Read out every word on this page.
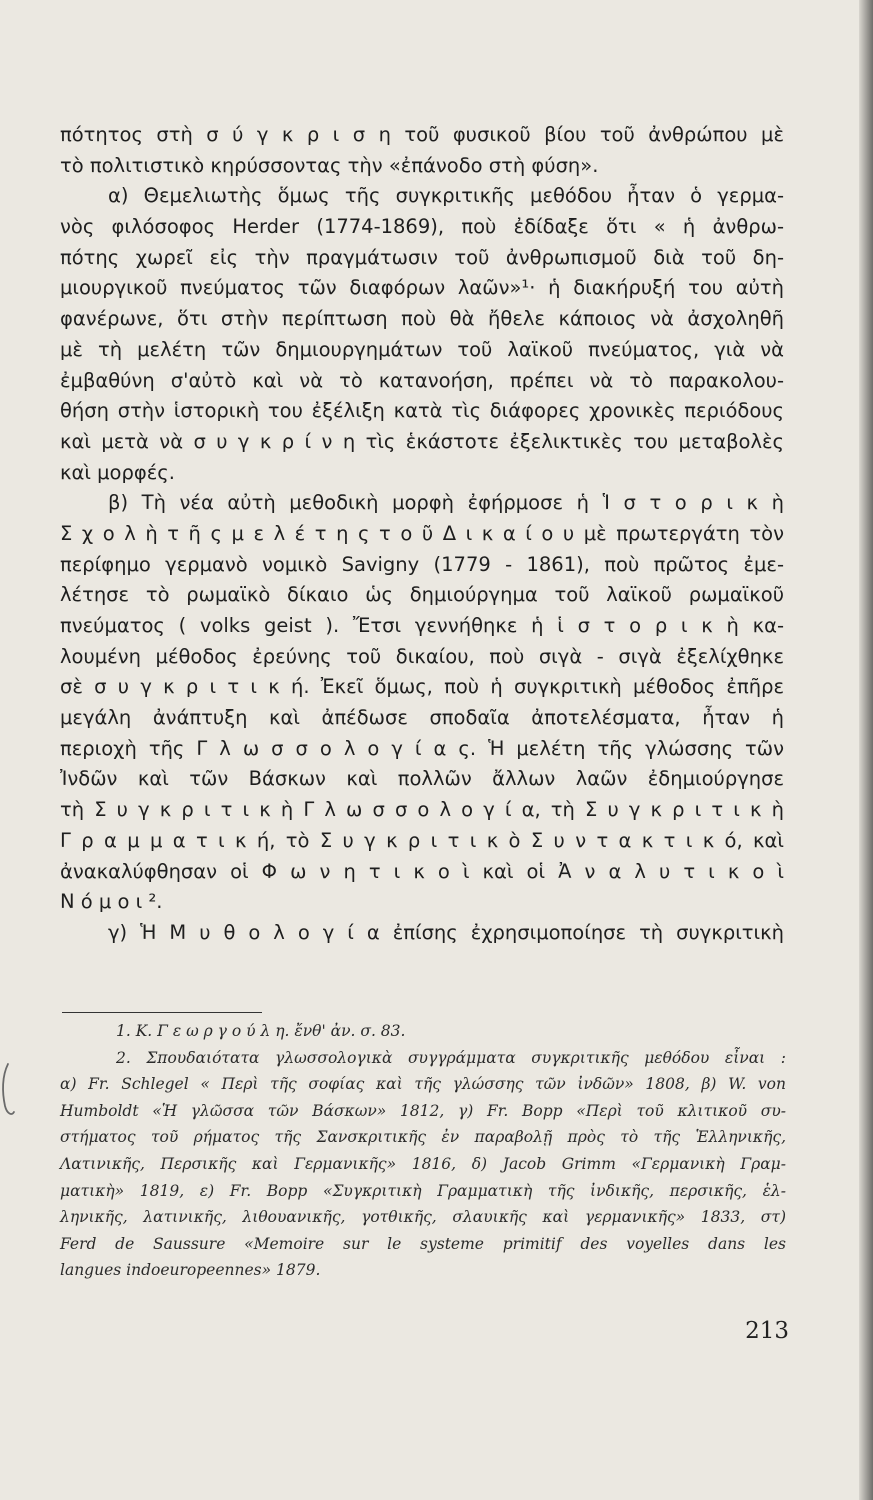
πότητος στὴ σ ύ γ κ ρ ι σ η τοῦ φυσικοῦ βίου τοῦ ἀνθρώπου μὲ
τὸ πολιτιστικὸ κηρύσσοντας τὴν «ἐπάνοδο στὴ φύση».
α) Θεμελιωτὴς ὅμως τῆς συγκριτικῆς μεθόδου ἦταν ὁ γερμα-
νὸς φιλόσοφος Herder (1774-1869), ποὺ ἐδίδαξε ὅτι « ἡ ἀνθρω-
πότης χωρεῖ εἰς τὴν πραγμάτωσιν τοῦ ἀνθρωπισμοῦ διὰ τοῦ δη-
μιουργικοῦ πνεύματος τῶν διαφόρων λαῶν»¹· ἡ διακήρυξή του αὐτὴ
φανέρωνε, ὅτι στὴν περίπτωση ποὺ θὰ ἤθελε κάποιος νὰ ἀσχοληθῆ
μὲ τὴ μελέτη τῶν δημιουργημάτων τοῦ λαϊκοῦ πνεύματος, γιὰ νὰ
ἐμβαθύνη σ'αὐτὸ καὶ νὰ τὸ κατανοήση, πρέπει νὰ τὸ παρακολου-
θήση στὴν ἱστορικὴ του ἐξέλιξη κατὰ τὶς διάφορες χρονικὲς περιόδους
καὶ μετὰ νὰ σ υ γ κ ρ ί ν η τὶς ἑκάστοτε ἐξελικτικὲς του μεταβολὲς
καὶ μορφές.
β) Τὴ νέα αὐτὴ μεθοδικὴ μορφὴ ἐφήρμοσε ἡ Ἱ σ τ ο ρ ι κ ὴ
Σ χ ο λ ὴ τ ῆ ς μ ε λ έ τ η ς τ ο ῦ Δ ι κ α ί ο υ μὲ πρωτεργάτη τὸν
περίφημο γερμανὸ νομικὸ Savigny (1779 - 1861), ποὺ πρῶτος ἐμε-
λέτησε τὸ ρωμαϊκὸ δίκαιο ὡς δημιούργημα τοῦ λαϊκοῦ ρωμαϊκοῦ
πνεύματος ( volks geist ). Ἔτσι γεννήθηκε ἡ ἱ σ τ ο ρ ι κ ὴ κα-
λουμένη μέθοδος ἐρεύνης τοῦ δικαίου, ποὺ σιγὰ - σιγὰ ἐξελίχθηκε
σὲ σ υ γ κ ρ ι τ ι κ ή. Ἐκεῖ ὅμως, ποὺ ἡ συγκριτικὴ μέθοδος ἐπῆρε
μεγάλη ἀνάπτυξη καὶ ἀπέδωσε σποδαῖα ἀποτελέσματα, ἦταν ἡ
περιοχὴ τῆς Γ λ ω σ σ ο λ ο γ ί α ς. Ἡ μελέτη τῆς γλώσσης τῶν
Ἰνδῶν καὶ τῶν Βάσκων καὶ πολλῶν ἄλλων λαῶν ἐδημιούργησε
τὴ Σ υ γ κ ρ ι τ ι κ ὴ Γ λ ω σ σ ο λ ο γ ί α, τὴ Σ υ γ κ ρ ι τ ι κ ὴ
Γ ρ α μ μ α τ ι κ ή, τὸ Σ υ γ κ ρ ι τ ι κ ὸ Σ υ ν τ α κ τ ι κ ό, καὶ
ἀνακαλύφθησαν οἱ Φ ω ν η τ ι κ ο ὶ καὶ οἱ Ἀ ν α λ υ τ ι κ ο ὶ
Ν ό μ ο ι ².
γ) Ἡ Μ υ θ ο λ ο γ ί α ἐπίσης ἐχρησιμοποίησε τὴ συγκριτικὴ
1. Κ. Γ ε ω ρ γ ο ύ λ η. ἔνθ' ἀν. σ. 83.
2. Σπουδαιότατα γλωσσολογικὰ συγγράμματα συγκριτικῆς μεθόδου εἶναι :
α) Fr. Schlegel « Περὶ τῆς σοφίας καὶ τῆς γλώσσης τῶν ἰνδῶν» 1808, β) W. von
Humboldt «Ἡ γλῶσσα τῶν Βάσκων» 1812, γ) Fr. Bopp «Περὶ τοῦ κλιτικοῦ συ-
στήματος τοῦ ρήματος τῆς Σανσκριτικῆς ἐν παραβολῇ πρὸς τὸ τῆς Ἑλληνικῆς,
Λατινικῆς, Περσικῆς καὶ Γερμανικῆς» 1816, δ) Jacob Grimm «Γερμανικὴ Γραμ-
ματικὴ» 1819, ε) Fr. Bopp «Συγκριτικὴ Γραμματικὴ τῆς ἰνδικῆς, περσικῆς, ἑλ-
ληνικῆς, λατινικῆς, λιθουανικῆς, γοτθικῆς, σλαυικῆς καὶ γερμανικῆς» 1833, στ)
Ferd de Saussure «Memoire sur le systeme primitif des voyelles dans les
langues indoeuropeennes» 1879.
213
